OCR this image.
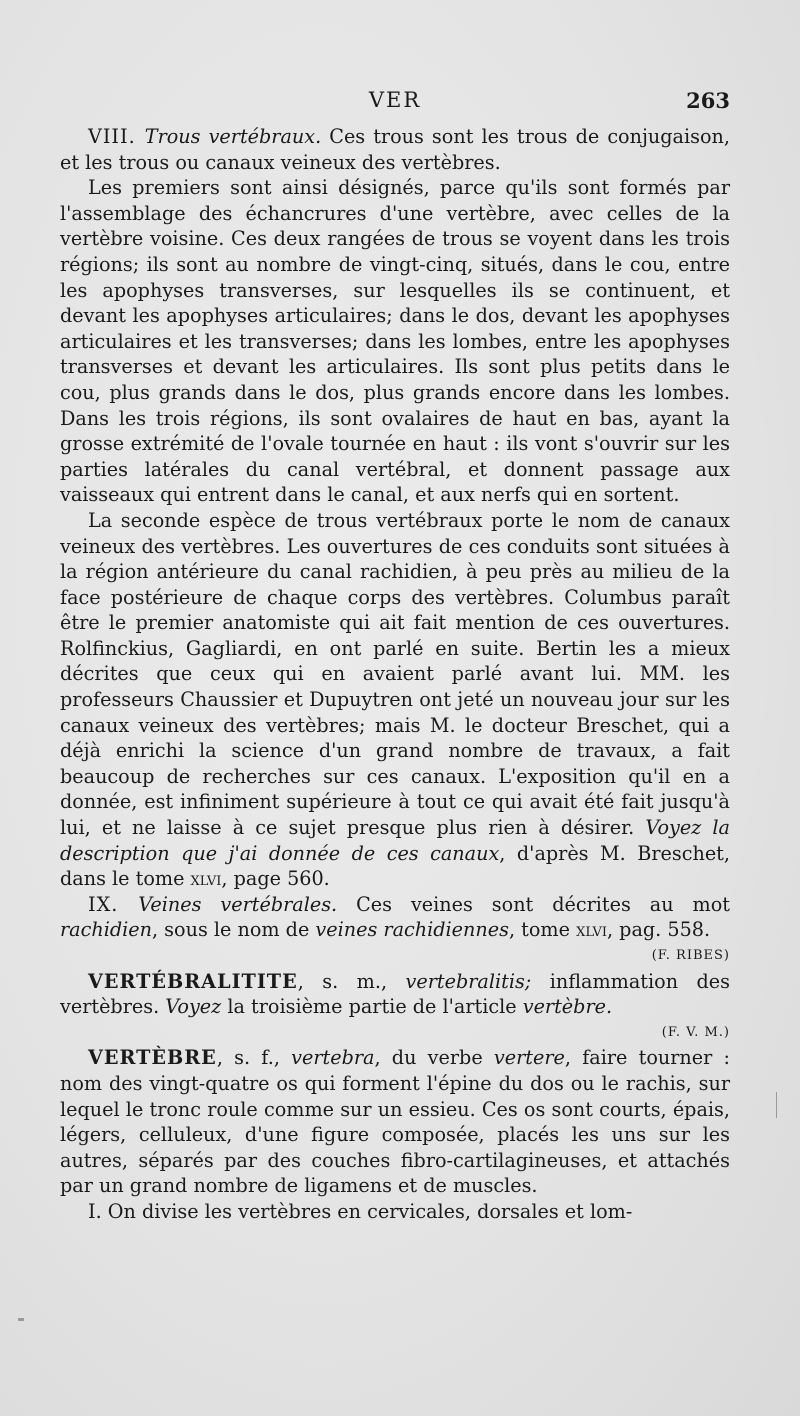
VER	263

VIII. Trous vertébraux. Ces trous sont les trous de conjugaison, et les trous ou canaux veineux des vertèbres.

Les premiers sont ainsi désignés, parce qu'ils sont formés par l'assemblage des échancrures d'une vertèbre, avec celles de la vertèbre voisine. Ces deux rangées de trous se voyent dans les trois régions; ils sont au nombre de vingt-cinq, situés, dans le cou, entre les apophyses transverses, sur lesquelles ils se continuent, et devant les apophyses articulaires; dans le dos, devant les apophyses articulaires et les transverses; dans les lombes, entre les apophyses transverses et devant les articulaires. Ils sont plus petits dans le cou, plus grands dans le dos, plus grands encore dans les lombes. Dans les trois régions, ils sont ovalaires de haut en bas, ayant la grosse extrémité de l'ovale tournée en haut : ils vont s'ouvrir sur les parties latérales du canal vertébral, et donnent passage aux vaisseaux qui entrent dans le canal, et aux nerfs qui en sortent.

La seconde espèce de trous vertébraux porte le nom de canaux veineux des vertèbres. Les ouvertures de ces conduits sont situées à la région antérieure du canal rachidien, à peu près au milieu de la face postérieure de chaque corps des vertèbres. Columbus paraît être le premier anatomiste qui ait fait mention de ces ouvertures. Rolfinckius, Gagliardi, en ont parlé en suite. Bertin les a mieux décrites que ceux qui en avaient parlé avant lui. MM. les professeurs Chaussier et Dupuytren ont jeté un nouveau jour sur les canaux veineux des vertèbres; mais M. le docteur Breschet, qui a déjà enrichi la science d'un grand nombre de travaux, a fait beaucoup de recherches sur ces canaux. L'exposition qu'il en a donnée, est infiniment supérieure à tout ce qui avait été fait jusqu'à lui, et ne laisse à ce sujet presque plus rien à désirer. Voyez la description que j'ai donnée de ces canaux, d'après M. Breschet, dans le tome xlvi, page 560.

IX. Veines vertébrales. Ces veines sont décrites au mot rachidien, sous le nom de veines rachidiennes, tome xlvi, pag. 558.
(F. RIBES)

VERTÉBRALITITE, s. m., vertebralitis; inflammation des vertèbres. Voyez la troisième partie de l'article vertèbre.
(F. V. M.)

VERTÈBRE, s. f., vertebra, du verbe vertere, faire tourner : nom des vingt-quatre os qui forment l'épine du dos ou le rachis, sur lequel le tronc roule comme sur un essieu. Ces os sont courts, épais, légers, celluleux, d'une figure composée, placés les uns sur les autres, séparés par des couches fibro-cartilagineuses, et attachés par un grand nombre de ligamens et de muscles.

I. On divise les vertèbres en cervicales, dorsales et lom-
